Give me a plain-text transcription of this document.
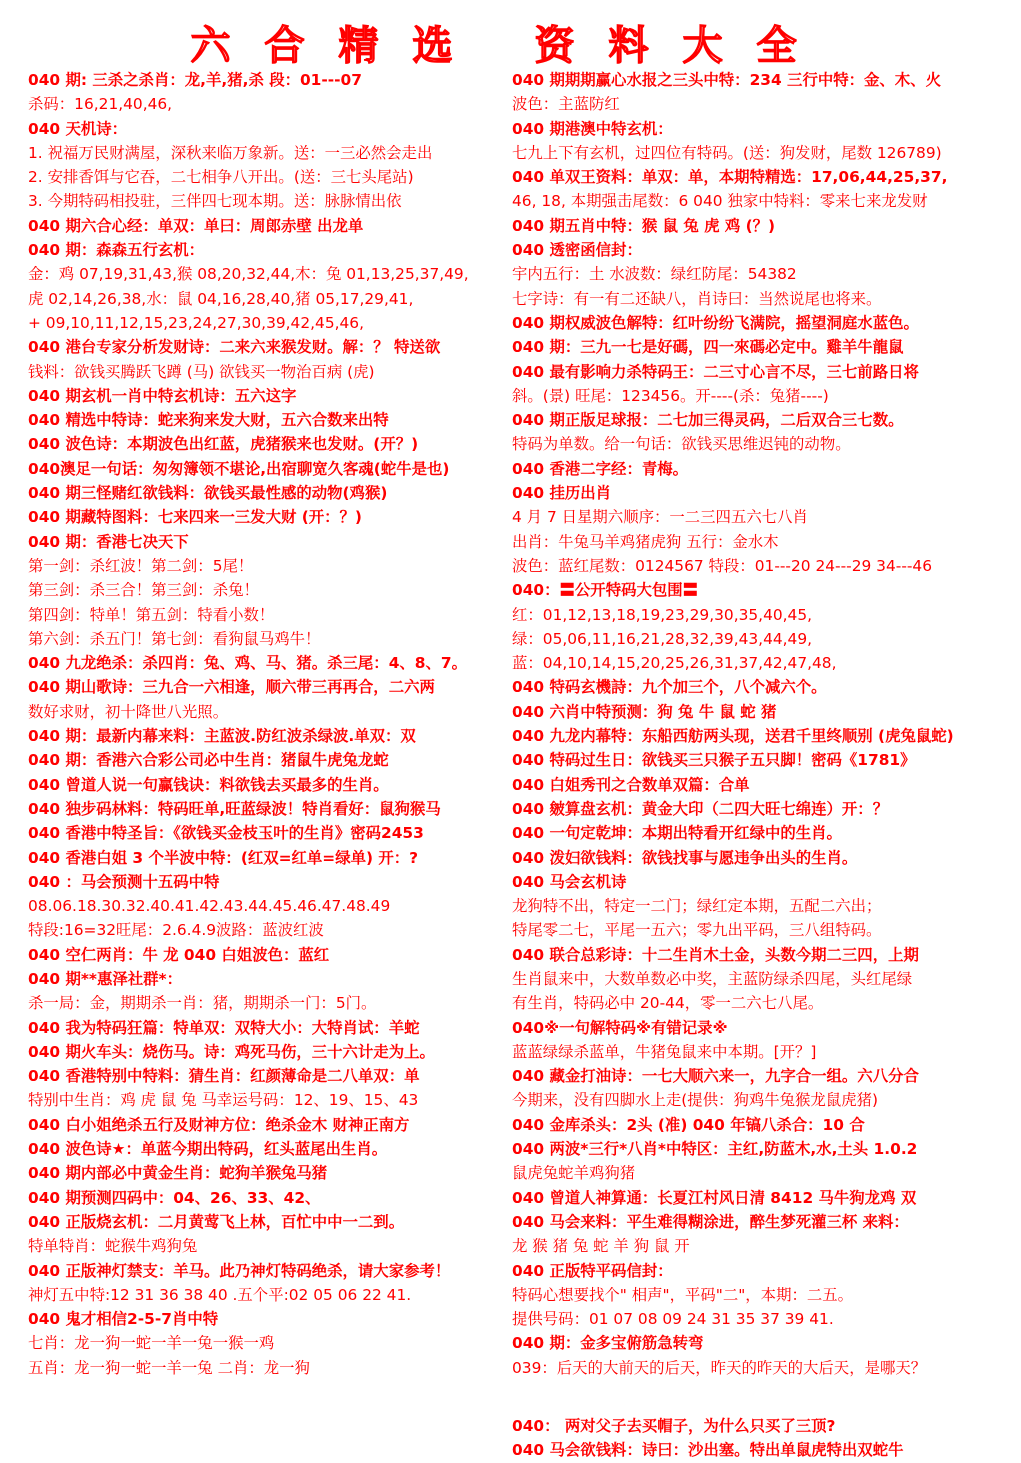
六合精选 资料大全
040 期: 三杀之杀肖：龙,羊,猪,杀 段：01---07
杀码：16,21,40,46,
040 天机诗：
1. 祝福万民财满屋，深秋来临万象新。送：一三必然会走出
2. 安排香饵与它吞，二七相争八开出。(送：三七头尾站)
3. 今期特码相投驻，三伴四七现本期。送：脉脉情出依
040 期六合心经：单双：单曰：周郎赤壁 出龙单
040 期：森森五行玄机：
金：鸡 07,19,31,43,猴 08,20,32,44,木：兔 01,13,25,37,49,
虎 02,14,26,38,水：鼠 04,16,28,40,猪 05,17,29,41,
+ 09,10,11,12,15,23,24,27,30,39,42,45,46,
040 港台专家分析发财诗：二来六来猴发财。解：？ 特送欲
钱料：欲钱买腾跃飞蹲 (马) 欲钱买一物治百病 (虎)
040 期玄机一肖中特玄机诗：五六这字
040 精选中特诗：蛇来狗来发大财，五六合数来出特
040 波色诗：本期波色出红蓝，虎猪猴来也发财。(开？)
040澳足一句话：匆匆簿领不堪论,出宿聊宽久客魂(蛇牛是也)
040 期三怪赌红欲钱料：欲钱买最性感的动物(鸡猴)
040 期藏特图料：七来四来一三发大财 (开：？)
040 期：香港七决天下
第一剑：杀红波！第二剑：5尾！
第三剑：杀三合！第三剑：杀兔！
第四剑：特单！第五剑：特看小数！
第六剑：杀五门！第七剑：看狗鼠马鸡牛！
040 九龙绝杀：杀四肖：兔、鸡、马、猪。杀三尾：4、8、7。
040 期山歌诗：三九合一六相逢，顺六带三再再合，二六两
数好求财，初十降世八光照。
040 期：最新内幕来料：主蓝波.防红波杀绿波.单双：双
040 期：香港六合彩公司必中生肖：猪鼠牛虎兔龙蛇
040 曾道人说一句赢钱诀：料欲钱去买最多的生肖。
040 独步码林料：特码旺单,旺蓝绿波！特肖看好：鼠狗猴马
040 香港中特圣旨：《欲钱买金枝玉叶的生肖》密码2453
040 香港白姐 3 个半波中特：(红双=红单=绿单) 开：?
040 ：马会预测十五码中特
08.06.18.30.32.40.41.42.43.44.45.46.47.48.49
特段:16=32旺尾：2.6.4.9波路：蓝波红波
040 空仁两肖：牛 龙 040 白姐波色：蓝红
040 期**惠泽社群*：
杀一局：金，期期杀一肖：猪，期期杀一门：5门。
040 我为特码狂篇：特单双：双特大小：大特肖试：羊蛇
040 期火车头：烧伤马。诗：鸡死马伤，三十六计走为上。
040 香港特别中特料：猜生肖：红颜薄命是二八单双：单
特别中生肖：鸡 虎 鼠 兔 马幸运号码：12、19、15、43
040 白小姐绝杀五行及财神方位：绝杀金木 财神正南方
040 波色诗★：单蓝今期出特码，红头蓝尾出生肖。
040 期内部必中黄金生肖：蛇狗羊猴兔马猪
040 期预测四码中：04、26、33、42、
040 正版烧玄机：二月黄莺飞上林，百忙中中一二到。
特单特肖：蛇猴牛鸡狗兔
040 正版神灯禁支：羊马。此乃神灯特码绝杀，请大家参考！
神灯五中特:12 31 36 38 40 .五个平:02 05 06 22 41.
040 鬼才相信2-5-7肖中特
七肖：龙一狗一蛇一羊一兔一猴一鸡
五肖：龙一狗一蛇一羊一兔 二肖：龙一狗
040 期期期赢心水报之三头中特：234 三行中特：金、木、火
波色：主蓝防红
040 期港澳中特玄机：
七九上下有玄机，过四位有特码。(送：狗发财，尾数 126789)
040 单双王资料：单双：单，本期特精选：17,06,44,25,37,
46, 18, 本期强击尾数：6 040 独家中特料：零来七来龙发财
040 期五肖中特：猴 鼠 兔 虎 鸡 (？)
040 透密函信封：
宇内五行：土 水波数：绿红防尾：54382
七字诗：有一有二还缺八，肖诗曰：当然说尾也将来。
040 期权威波色解特：红叶纷纷飞满院，摇望洞庭水蓝色。
040 期：三九一七是好碼，四一來碼必定中。雞羊牛龍鼠
040 最有影响力杀特码王：二三寸心言不尽，三七前路日将
斜。(景) 旺尾：123456。开----(杀：兔猪----)
040 期正版足球报：二七加三得灵码，二后双合三七数。
特码为单数。给一句话：欲钱买思维迟钝的动物。
040 香港二字经：青梅。
040 挂历出肖
4 月 7 日星期六顺序：一二三四五六七八肖
出肖：牛兔马羊鸡猪虎狗 五行：金水木
波色：蓝红尾数：0124567 特段：01---20 24---29 34---46
040：〓公开特码大包围〓
红：01,12,13,18,19,23,29,30,35,40,45,
绿：05,06,11,16,21,28,32,39,43,44,49,
蓝：04,10,14,15,20,25,26,31,37,42,47,48,
040 特码玄機詩：九个加三个，八个减六个。
040 六肖中特预测：狗 兔 牛 鼠 蛇 猪
040 九龙内幕特：东船西舫两头现，送君千里终顺别 (虎兔鼠蛇)
040 特码过生日：欲钱买三只猴子五只脚！密码《1781》
040 白姐秀刊之合数单双篇：合单
040 皴算盘玄机：黄金大印（二四大旺七绵连）开：？
040 一句定乾坤：本期出特看开红绿中的生肖。
040 泼妇欲钱料：欲钱找事与愿违争出头的生肖。
040 马会玄机诗
龙狗特不出，特定一二门；绿红定本期，五配二六出；
特尾零二七，平尾一五六；零九出平码，三八组特码。
040 联合总彩诗：十二生肖木土金，头数今期二三四，上期
生肖鼠来中，大数单数必中奖，主蓝防绿杀四尾，头红尾绿
有生肖，特码必中 20-44，零一二六七八尾。
040※一句解特码※有错记录※
蓝蓝绿绿杀蓝单，牛猪兔鼠来中本期。[开？]
040 藏金打油诗：一七大顺六来一，九字合一组。六八分合
今期来，没有四脚水上走(提供：狗鸡牛兔猴龙鼠虎猪)
040 金库杀头：2头 (准) 040 年镐八杀合：10 合
040 两波*三行*八肖*中特区：主红,防蓝木,水,土头 1.0.2
鼠虎兔蛇羊鸡狗猪
040 曾道人神算通：长夏江村风日清 8412 马牛狗龙鸡 双
040 马会来料：平生难得糊涂进，醉生梦死灌三杯 来料：
龙 猴 猪 兔 蛇 羊 狗 鼠 开
040 正版特平码信封：
特码心想要找个" 相声"，平码"二"，本期：二五。
提供号码：01 07 08 09 24 31 35 37 39 41.
040 期：金多宝俯筋急转弯
039：后天的大前天的后天，昨天的昨天的大后天，是哪天？
040： 两对父子去买帽子，为什么只买了三顶?
040 马会欲钱料：诗曰：沙出塞。特出单鼠虎特出双蛇牛
